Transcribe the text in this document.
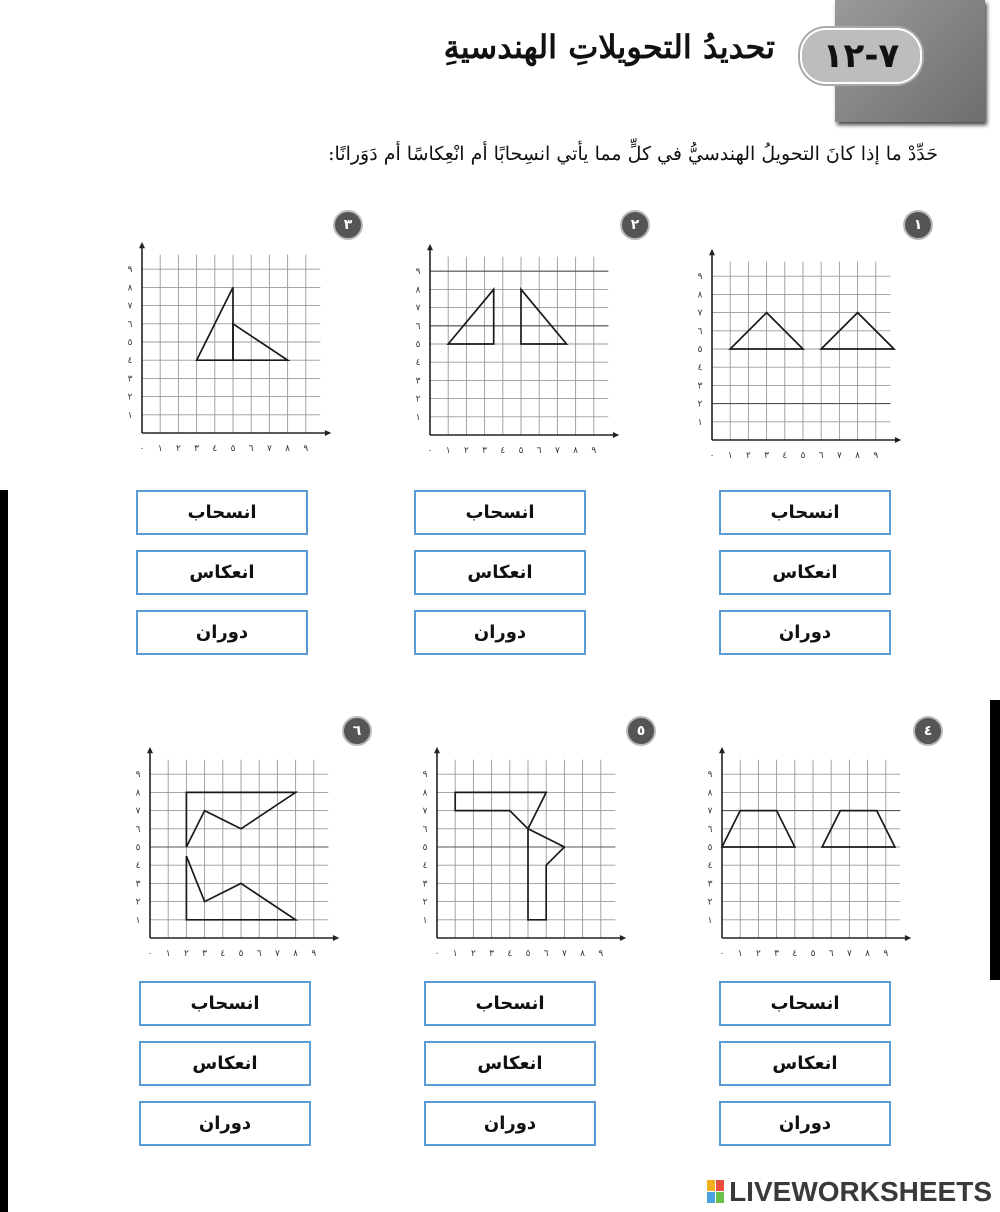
٧-١٢
تحديدُ التحويلاتِ الهندسيةِ
حَدِّدْ ما إذا كانَ التحويلُ الهندسيُّ في كلٍّ مما يأتي انسِحابًا أم انْعِكاسًا أم دَوَرانًا:
١
٢
٣
٤
٥
٦
٠ ١
١
٢
٢
٣
٣
٤
٤
٥
٥
٦
٦
٧
٧
٨
٨
٩
٩
٠ ١
١
٢
٢
٣
٣
٤
٤
٥
٥
٦
٦
٧
٧
٨
٨
٩
٩
٠ ١
١
٢
٢
٣
٣
٤
٤
٥
٥
٦
٦
٧
٧
٨
٨
٩
٩
٠ ١
١
٢
٢
٣
٣
٤
٤
٥
٥
٦
٦
٧
٧
٨
٨
٩
٩
٠ ١
١
٢
٢
٣
٣
٤
٤
٥
٥
٦
٦
٧
٧
٨
٨
٩
٩
٠ ١
١
٢
٢
٣
٣
٤
٤
٥
٥
٦
٦
٧
٧
٨
٨
٩
٩
انسحاب
انعكاس
دوران
انسحاب
انعكاس
دوران
انسحاب
انعكاس
دوران
انسحاب
انعكاس
دوران
انسحاب
انعكاس
دوران
انسحاب
انعكاس
دوران
LIVEWORKSHEETS
